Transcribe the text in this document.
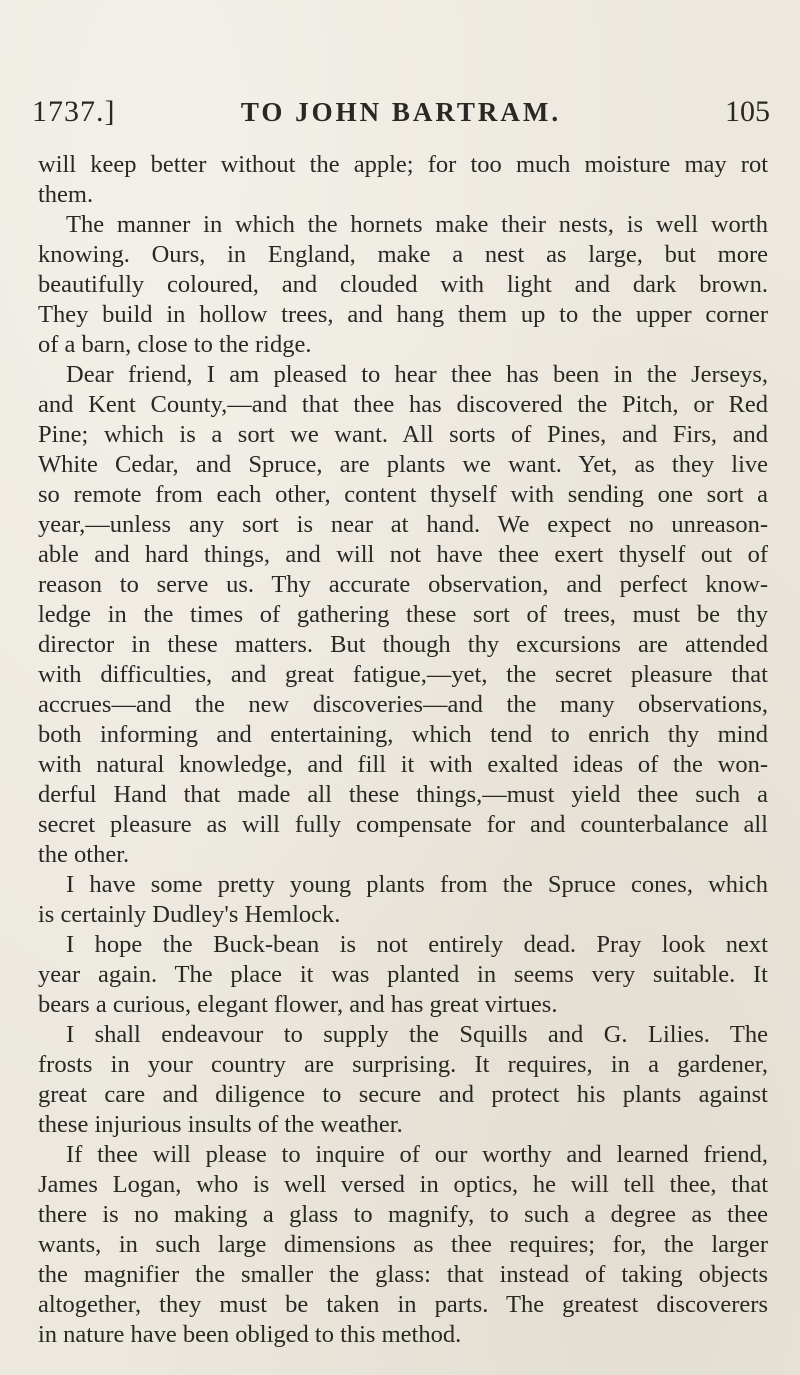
1737.]	TO JOHN BARTRAM.	105
will keep better without the apple; for too much moisture may rot
them.
The manner in which the hornets make their nests, is well worth
knowing. Ours, in England, make a nest as large, but more
beautifully coloured, and clouded with light and dark brown.
They build in hollow trees, and hang them up to the upper corner
of a barn, close to the ridge.
Dear friend, I am pleased to hear thee has been in the Jerseys,
and Kent County,—and that thee has discovered the Pitch, or Red
Pine; which is a sort we want. All sorts of Pines, and Firs, and
White Cedar, and Spruce, are plants we want. Yet, as they live
so remote from each other, content thyself with sending one sort a
year,—unless any sort is near at hand. We expect no unreason-
able and hard things, and will not have thee exert thyself out of
reason to serve us. Thy accurate observation, and perfect know-
ledge in the times of gathering these sort of trees, must be thy
director in these matters. But though thy excursions are attended
with difficulties, and great fatigue,—yet, the secret pleasure that
accrues—and the new discoveries—and the many observations,
both informing and entertaining, which tend to enrich thy mind
with natural knowledge, and fill it with exalted ideas of the won-
derful Hand that made all these things,—must yield thee such a
secret pleasure as will fully compensate for and counterbalance all
the other.
I have some pretty young plants from the Spruce cones, which
is certainly Dudley's Hemlock.
I hope the Buck-bean is not entirely dead. Pray look next
year again. The place it was planted in seems very suitable. It
bears a curious, elegant flower, and has great virtues.
I shall endeavour to supply the Squills and G. Lilies. The
frosts in your country are surprising. It requires, in a gardener,
great care and diligence to secure and protect his plants against
these injurious insults of the weather.
If thee will please to inquire of our worthy and learned friend,
James Logan, who is well versed in optics, he will tell thee, that
there is no making a glass to magnify, to such a degree as thee
wants, in such large dimensions as thee requires; for, the larger
the magnifier the smaller the glass: that instead of taking objects
altogether, they must be taken in parts. The greatest discoverers
in nature have been obliged to this method.
